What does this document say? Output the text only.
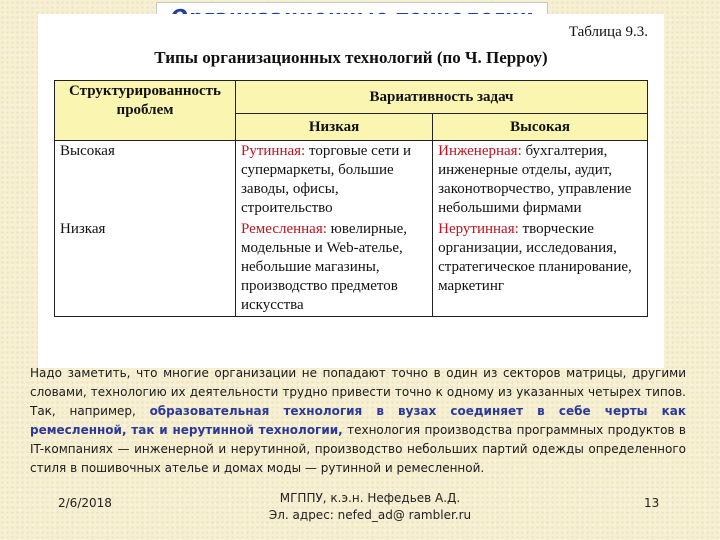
Таблица 9.3.
Типы организационных технологий (по Ч. Перроу)
Структурированность проблем	Вариативность задач	
	Низкая	Высокая
Высокая	Рутинная: торговые сети и супермаркеты, большие заводы, офисы, строительство	Инженерная: бухгалтерия, инженерные отделы, аудит, законотворчество, управление небольшими фирмами
Низкая	Ремесленная: ювелирные, модельные и Web-ателье, небольшие магазины, производство предметов искусства	Нерутинная: творческие организации, исследования, стратегическое планирование, маркетинг

Надо заметить, что многие организации не попадают точно в один из секторов матрицы, другими словами, технологию их деятельности трудно привести точно к одному из указанных четырех типов. Так, например, образовательная технология в вузах соединяет в себе черты как ремесленной, так и нерутинной технологии, технология производства программных продуктов в IT-компаниях — инженерной и нерутинной, производство небольших партий одежды определенного стиля в пошивочных ателье и домах моды — рутинной и ремесленной.

2/6/2018	МГППУ, к.э.н. Нефедьев А.Д.
Эл. адрес: nefed_ad@ rambler.ru
13
